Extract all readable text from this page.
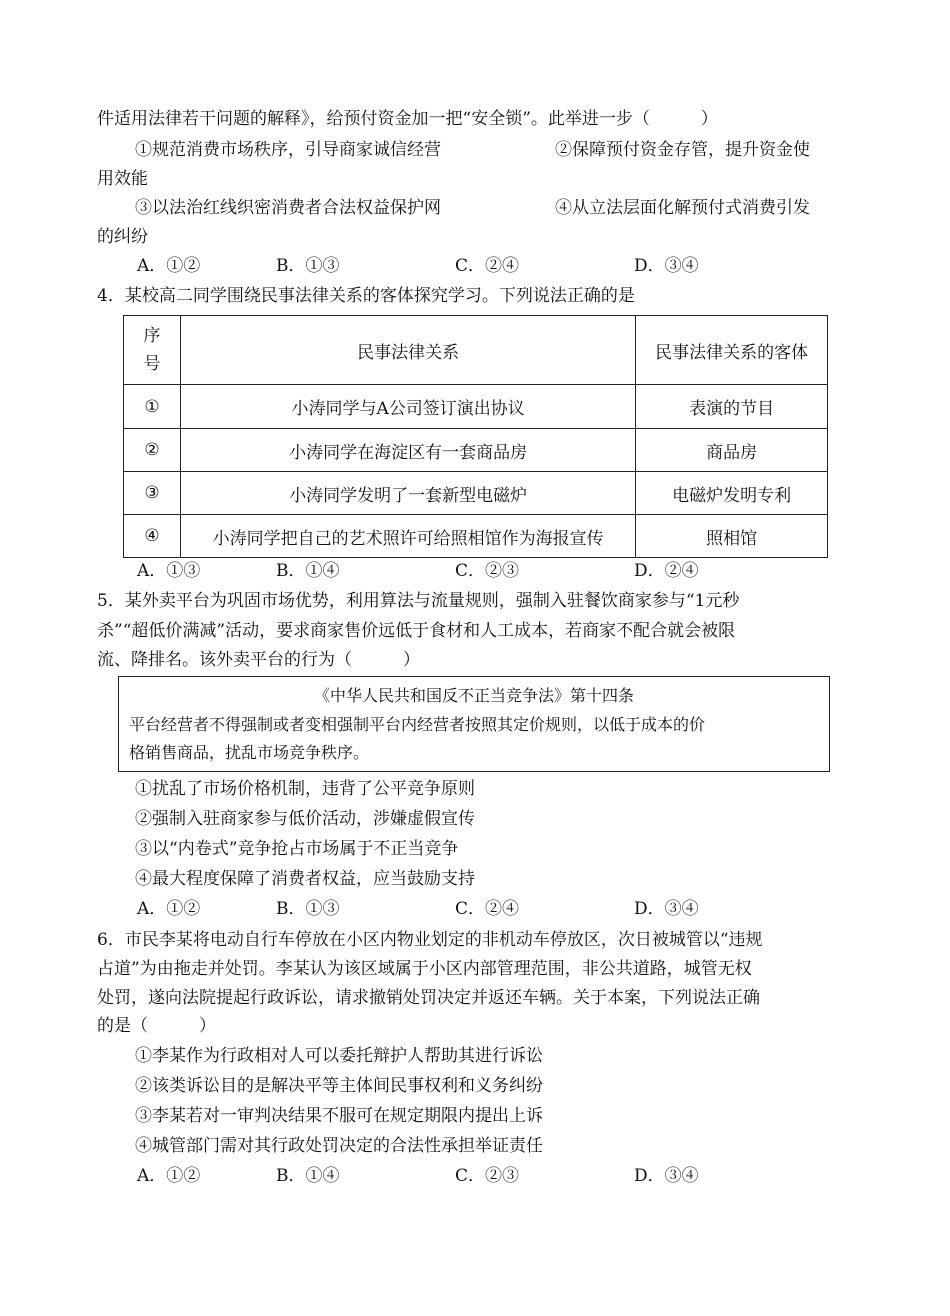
件适用法律若干问题的解释》，给预付资金加一把“安全锁”。此举进一步（　　　）
①规范消费市场秩序，引导商家诚信经营	②保障预付资金存管，提升资金使
用效能
③以法治红线织密消费者合法权益保护网	④从立法层面化解预付式消费引发
的纠纷
A．①②	B．①③	C．②④	D．③④
4．某校高二同学围绕民事法律关系的客体探究学习。下列说法正确的是
序号	民事法律关系	民事法律关系的客体
①	小涛同学与A公司签订演出协议	表演的节目
②	小涛同学在海淀区有一套商品房	商品房
③	小涛同学发明了一套新型电磁炉	电磁炉发明专利
④	小涛同学把自己的艺术照许可给照相馆作为海报宣传	照相馆
A．①③	B．①④	C．②③	D．②④
5．某外卖平台为巩固市场优势，利用算法与流量规则，强制入驻餐饮商家参与“1元秒
杀”“超低价满减”活动，要求商家售价远低于食材和人工成本，若商家不配合就会被限
流、降排名。该外卖平台的行为（　　　）
《中华人民共和国反不正当竞争法》第十四条
平台经营者不得强制或者变相强制平台内经营者按照其定价规则，以低于成本的价
格销售商品，扰乱市场竞争秩序。
①扰乱了市场价格机制，违背了公平竞争原则
②强制入驻商家参与低价活动，涉嫌虚假宣传
③以“内卷式”竞争抢占市场属于不正当竞争
④最大程度保障了消费者权益，应当鼓励支持
A．①②	B．①③	C．②④	D．③④
6．市民李某将电动自行车停放在小区内物业划定的非机动车停放区，次日被城管以“违规
占道”为由拖走并处罚。李某认为该区域属于小区内部管理范围，非公共道路，城管无权
处罚，遂向法院提起行政诉讼，请求撤销处罚决定并返还车辆。关于本案，下列说法正确
的是（　　　）
①李某作为行政相对人可以委托辩护人帮助其进行诉讼
②该类诉讼目的是解决平等主体间民事权利和义务纠纷
③李某若对一审判决结果不服可在规定期限内提出上诉
④城管部门需对其行政处罚决定的合法性承担举证责任
A．①②	B．①④	C．②③	D．③④
